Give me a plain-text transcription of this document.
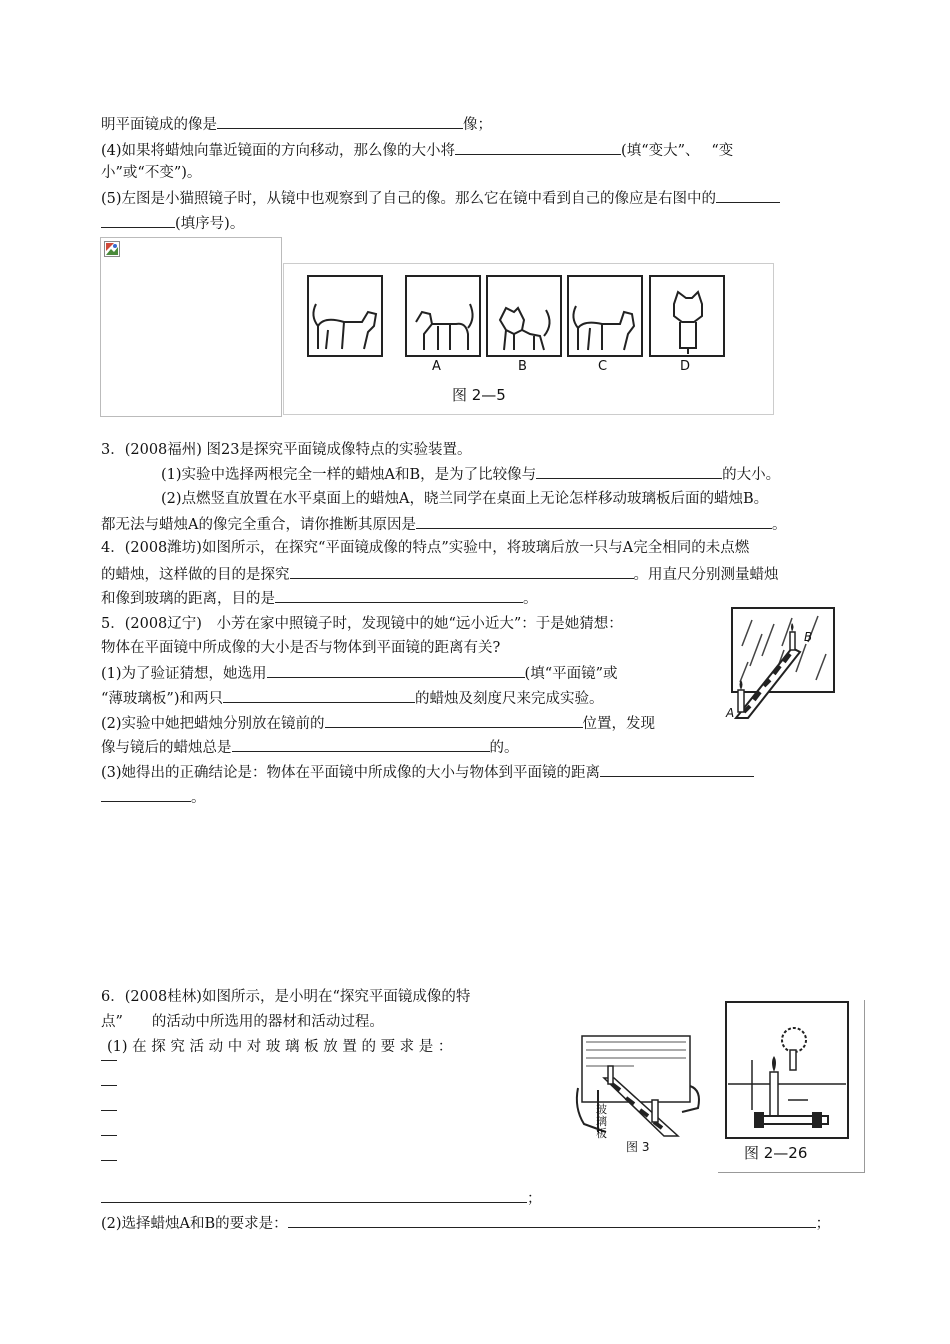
明平面镜成的像是	像；
(4)如果将蜡烛向靠近镜面的方向移动，那么像的大小将	(填“变大”、　 “变
小”或“不变”)。
(5)左图是小猫照镜子时，从镜中也观察到了自己的像。那么它在镜中看到自己的像应是右图中的
(填序号)。
A	B	C	D
图 2—5
3．(2008福州) 图23是探究平面镜成像特点的实验装置。
(1)实验中选择两根完全一样的蜡烛A和B，是为了比较像与	的大小。
(2)点燃竖直放置在水平桌面上的蜡烛A，晓兰同学在桌面上无论怎样移动玻璃板后面的蜡烛B。
都无法与蜡烛A的像完全重合，请你推断其原因是	。
4．(2008潍坊)如图所示，在探究“平面镜成像的特点”实验中，将玻璃后放一只与A完全相同的未点燃
的蜡烛，这样做的目的是探究	。用直尺分别测量蜡烛
和像到玻璃的距离，目的是	。
5．(2008辽宁)　小芳在家中照镜子时，发现镜中的她“远小近大”：于是她猜想：
物体在平面镜中所成像的大小是否与物体到平面镜的距离有关?
(1)为了验证猜想，她选用	(填“平面镜”或
“薄玻璃板”)和两只	的蜡烛及刻度尺来完成实验。
(2)实验中她把蜡烛分别放在镜前的	位置，发现
像与镜后的蜡烛总是	的。
(3)她得出的正确结论是：物体在平面镜中所成像的大小与物体到平面镜的距离
。
A
B
6．(2008桂林)如图所示，是小明在“探究平面镜成像的特
点”　　的活动中所选用的器材和活动过程。
(1) 在 探 究 活 动 中 对 玻 璃 板 放 置 的 要 求 是 ：
；
(2)选择蜡烛A和B的要求是：	；
玻璃板
图 3	图 2—26
